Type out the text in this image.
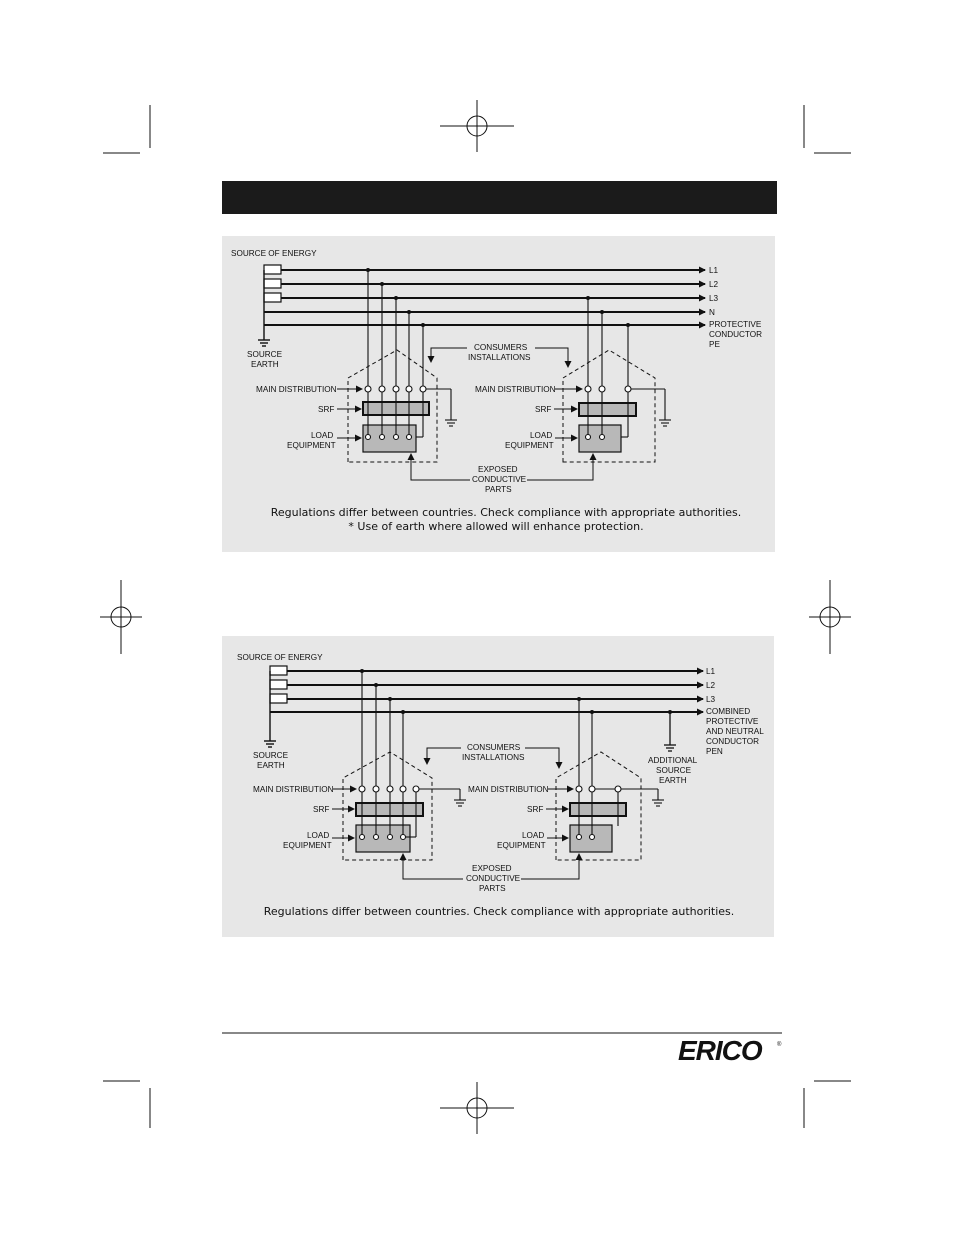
SOURCE OF ENERGY
SOURCE
EARTH
L1
L2
L3
N
PROTECTIVE
CONDUCTOR
PE
MAIN DISTRIBUTION
SRF
LOAD
EQUIPMENT
MAIN DISTRIBUTION
SRF
LOAD
EQUIPMENT
CONSUMERS
INSTALLATIONS
EXPOSED
CONDUCTIVE
PARTS
Regulations differ between countries. Check compliance with appropriate authorities.
* Use of earth where allowed will enhance protection.
SOURCE OF ENERGY
SOURCE
EARTH
L1
L2
L3
COMBINED
PROTECTIVE
AND NEUTRAL
CONDUCTOR
PEN
ADDITIONAL
SOURCE
EARTH
MAIN DISTRIBUTION
SRF
LOAD
EQUIPMENT
MAIN DISTRIBUTION
SRF
LOAD
EQUIPMENT
CONSUMERS
INSTALLATIONS
EXPOSED
CONDUCTIVE
PARTS
Regulations differ between countries. Check compliance with appropriate authorities.
ERICO	®
